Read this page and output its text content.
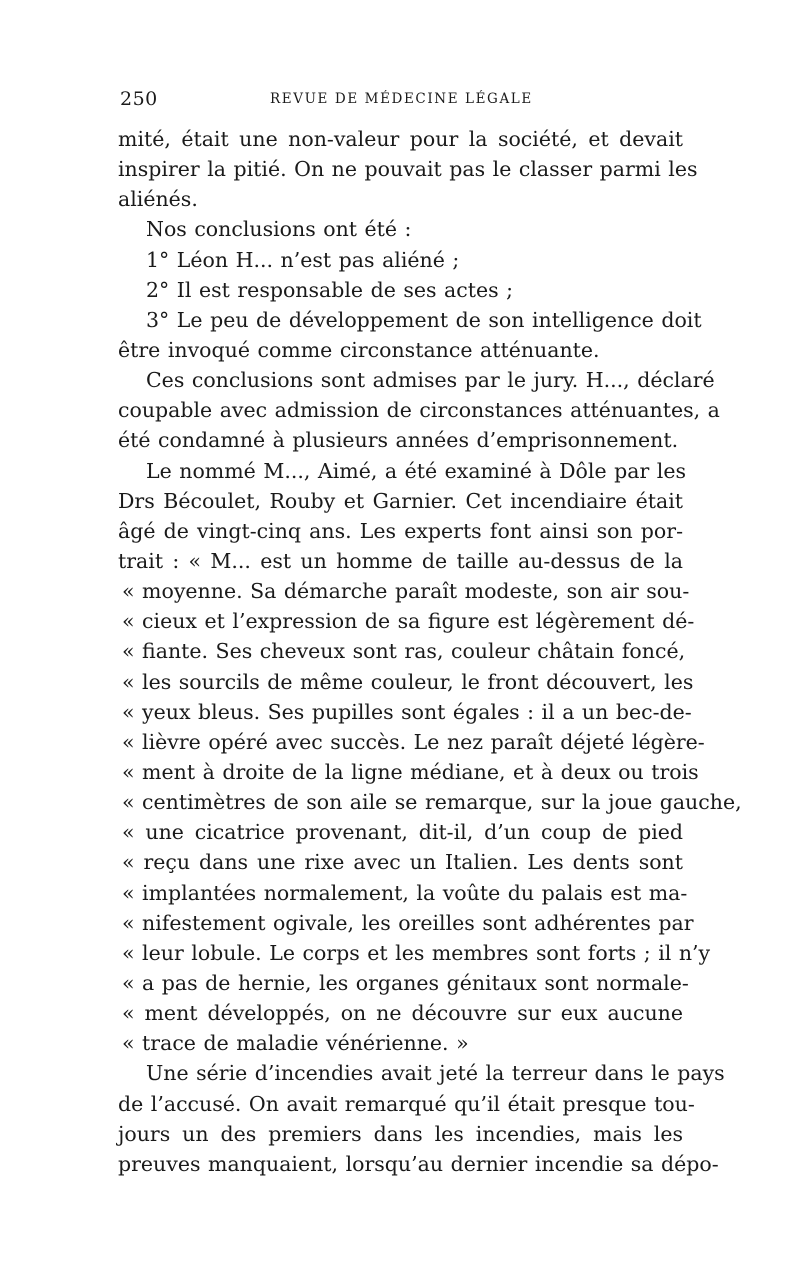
250	REVUE DE MÉDECINE LÉGALE
mité, était une non-valeur pour la société, et devait
inspirer la pitié. On ne pouvait pas le classer parmi les
aliénés.
Nos conclusions ont été :
1° Léon H... n’est pas aliéné ;
2° Il est responsable de ses actes ;
3° Le peu de développement de son intelligence doit
être invoqué comme circonstance atténuante.
Ces conclusions sont admises par le jury. H..., déclaré
coupable avec admission de circonstances atténuantes, a
été condamné à plusieurs années d’emprisonnement.
Le nommé M..., Aimé, a été examiné à Dôle par les
Drs Bécoulet, Rouby et Garnier. Cet incendiaire était
âgé de vingt-cinq ans. Les experts font ainsi son por-
trait : « M... est un homme de taille au-dessus de la
« moyenne. Sa démarche paraît modeste, son air sou-
« cieux et l’expression de sa figure est légèrement dé-
« fiante. Ses cheveux sont ras, couleur châtain foncé,
« les sourcils de même couleur, le front découvert, les
« yeux bleus. Ses pupilles sont égales : il a un bec-de-
« lièvre opéré avec succès. Le nez paraît déjeté légère-
« ment à droite de la ligne médiane, et à deux ou trois
« centimètres de son aile se remarque, sur la joue gauche,
« une cicatrice provenant, dit-il, d’un coup de pied
« reçu dans une rixe avec un Italien. Les dents sont
« implantées normalement, la voûte du palais est ma-
« nifestement ogivale, les oreilles sont adhérentes par
« leur lobule. Le corps et les membres sont forts ; il n’y
« a pas de hernie, les organes génitaux sont normale-
« ment développés, on ne découvre sur eux aucune
« trace de maladie vénérienne. »
Une série d’incendies avait jeté la terreur dans le pays
de l’accusé. On avait remarqué qu’il était presque tou-
jours un des premiers dans les incendies, mais les
preuves manquaient, lorsqu’au dernier incendie sa dépo-
